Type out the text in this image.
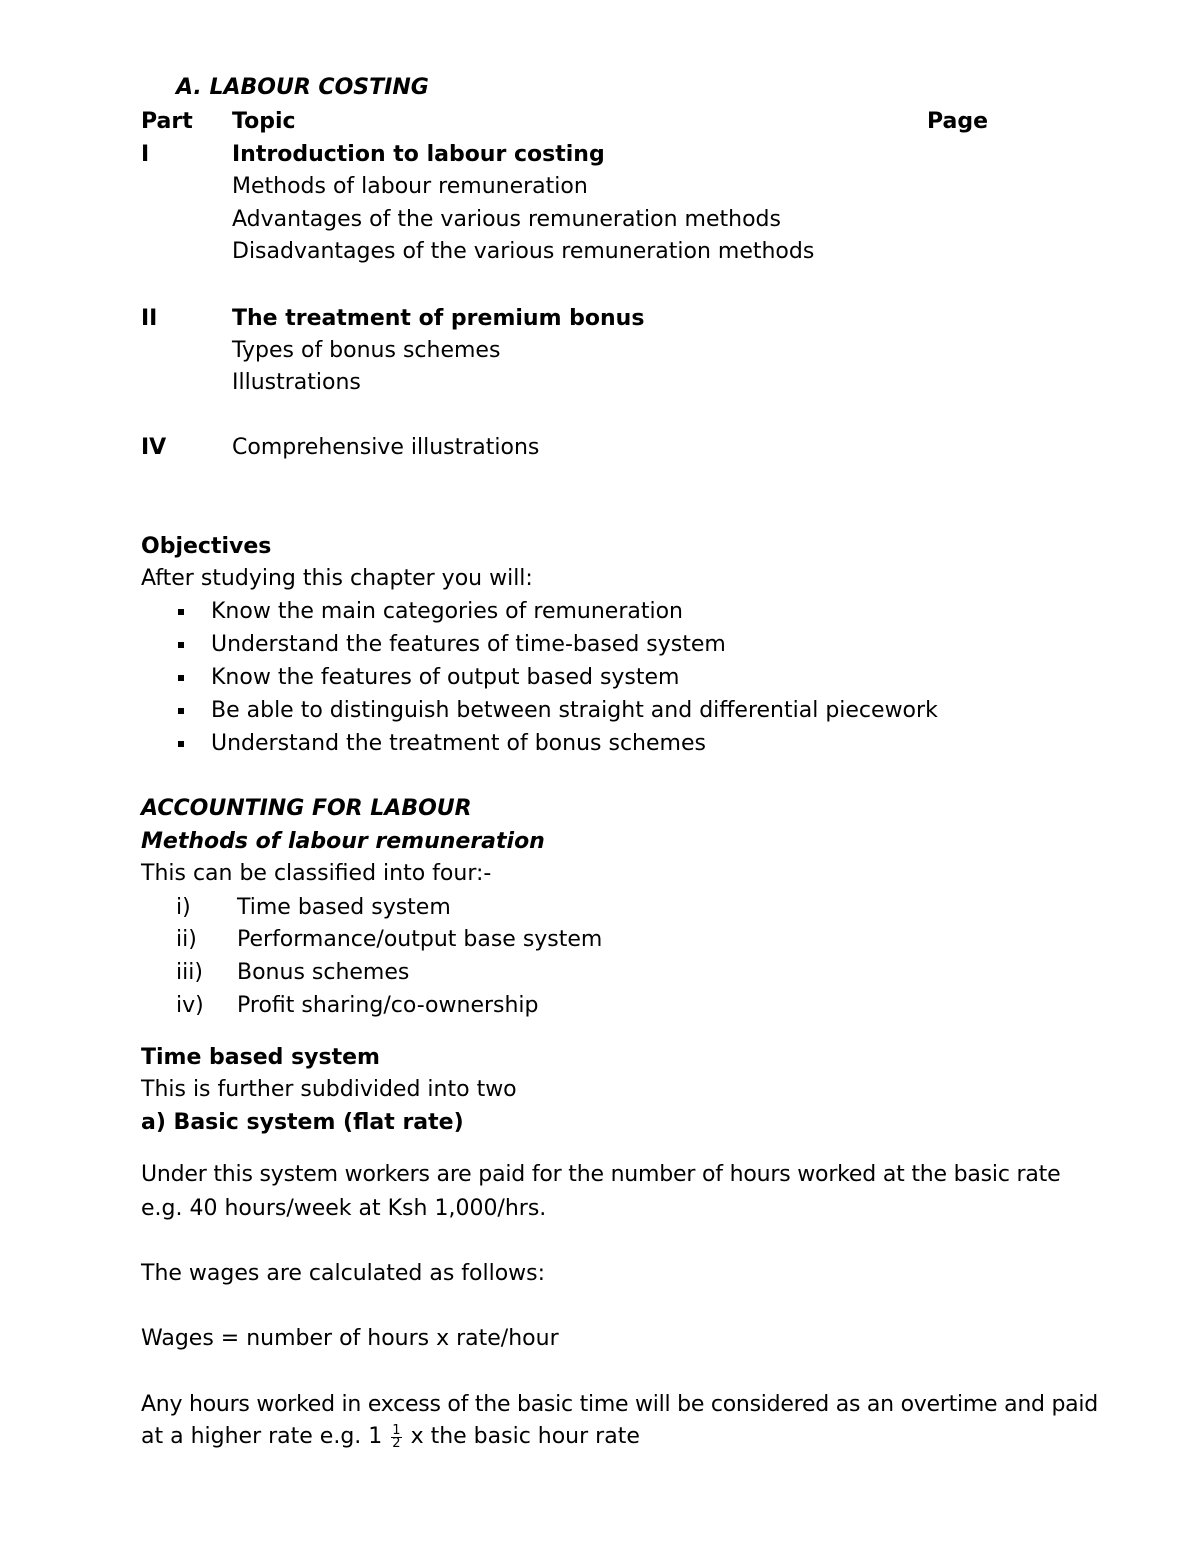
A. LABOUR COSTING
Part Topic	Page
I	Introduction to labour costing
Methods of labour remuneration
Advantages of the various remuneration methods
Disadvantages of the various remuneration methods
II	The treatment of premium bonus
Types of bonus schemes
Illustrations
IV	Comprehensive illustrations
Objectives
After studying this chapter you will:
Know the main categories of remuneration
Understand the features of time-based system
Know the features of output based system
Be able to distinguish between straight and differential piecework
Understand the treatment of bonus schemes
ACCOUNTING FOR LABOUR
Methods of labour remuneration
This can be classified into four:-
i) Time based system
ii) Performance/output base system
iii) Bonus schemes
iv) Profit sharing/co-ownership
Time based system
This is further subdivided into two
a) Basic system (flat rate)
Under this system workers are paid for the number of hours worked at the basic rate
e.g. 40 hours/week at Ksh 1,000/hrs.
The wages are calculated as follows:
Wages = number of hours x rate/hour
Any hours worked in excess of the basic time will be considered as an overtime and paid
at a higher rate e.g. $1 \frac{1}{2}$ x the basic hour rate
